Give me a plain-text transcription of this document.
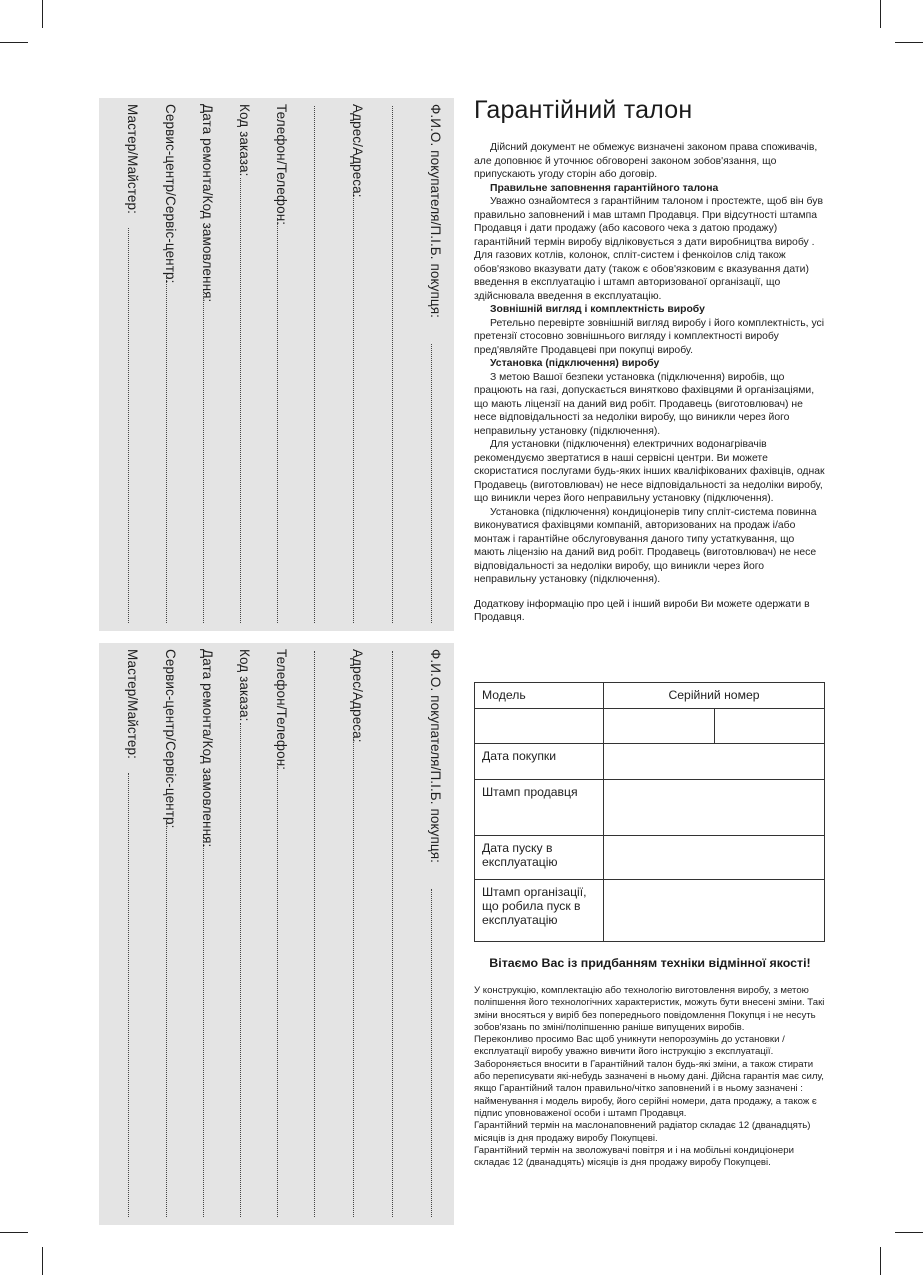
Ф.И.О. покупателя/П.І.Б. покупця:
Адрес/Адреса:
Телефон/Телефон:
Код заказа:
Дата ремонта/Код замовлення:
Сервис-центр/Сервіс-центр:
Мастер/Майстер:
Ф.И.О. покупателя/П.І.Б. покупця:
Адрес/Адреса:
Телефон/Телефон:
Код заказа:
Дата ремонта/Код замовлення:
Сервис-центр/Сервіс-центр:
Мастер/Майстер:
Гарантійний талон

Дійсний документ не обмежує визначені законом права споживачів, але доповнює й уточнює обговорені законом зобов'язання, що припускають угоду сторін або договір.

Правильне заповнення гарантійного талона

Уважно ознайомтеся з гарантійним талоном і простежте, щоб він був правильно заповнений і мав штамп Продавця. При відсутності штампа Продавця і дати продажу (або касового чека з датою продажу) гарантійний термін виробу відліковується з дати виробництва виробу . Для газових котлів, колонок, спліт-систем і фенкоілов слід також обов'язково вказувати дату (також є обов'язковим є вказування дати) введення в експлуатацію і штамп авторизованої організації, що здійснювала введення в експлуатацію.

Зовнішній вигляд і комплектність виробу

Ретельно перевірте зовнішній вигляд виробу і його комплектність, усі претензії стосовно зовнішнього вигляду і комплектності виробу пред'являйте Продавцеві при покупці виробу.

Установка (підключення) виробу

З метою Вашої безпеки установка (підключення) виробів, що працюють на газі, допускається винятково фахівцями й організаціями, що мають ліцензії на даний вид робіт. Продавець (виготовлювач) не несе відповідальності за недоліки виробу, що виникли через його неправильну установку (підключення).

Для установки (підключення) електричних водонагрівачів рекомендуємо звертатися в наші сервісні центри. Ви можете скористатися послугами будь-яких інших кваліфікованих фахівців, однак Продавець (виготовлювач) не несе відповідальності за недоліки виробу, що виникли через його неправильну установку (підключення).

Установка (підключення) кондиціонерів типу спліт-система повинна виконуватися фахівцями компаній, авторизованих на продаж і/або монтаж і гарантійне обслуговування даного типу устаткування, що мають ліцензію на даний вид робіт. Продавець (виготовлювач) не несе відповідальності за недоліки виробу, що виникли через його неправильну установку (підключення).

Додаткову інформацію про цей і інший вироби Ви можете одержати в Продавця.
Модель	Серійний номер	

Дата покупки		
Штамп продавця		
Дата пуску в експлуатацію		
Штамп організації, що робила пуск в експлуатацію		
Вітаємо Вас із придбанням техніки відмінної якості!
У конструкцію, комплектацію або технологію виготовлення виробу, з метою поліпшення його технологічних характеристик, можуть бути внесені зміни. Такі зміни вносяться у виріб без попереднього повідомлення Покупця і не несуть зобов'язань по зміні/поліпшенню раніше випущених виробів.
Переконливо просимо Вас щоб уникнути непорозумінь до установки / експлуатації виробу уважно вивчити його інструкцію з експлуатації. Забороняється вносити в Гарантійний талон будь-які зміни, а також стирати або переписувати які-небудь зазначені в ньому дані. Дійсна гарантія має силу, якщо Гарантійний талон правильно/чітко заповнений і в ньому зазначені : найменування і модель виробу, його серійні номери, дата продажу, а також є підпис уповноваженої особи і штамп Продавця.
Гарантійний термін на маслонаповнений радіатор складає 12 (дванадцять) місяців із дня продажу виробу Покупцеві.
Гарантійний термін на зволожувачі повітря и і на мобільні кондиціонери складає 12 (дванадцять) місяців із дня продажу виробу Покупцеві.
